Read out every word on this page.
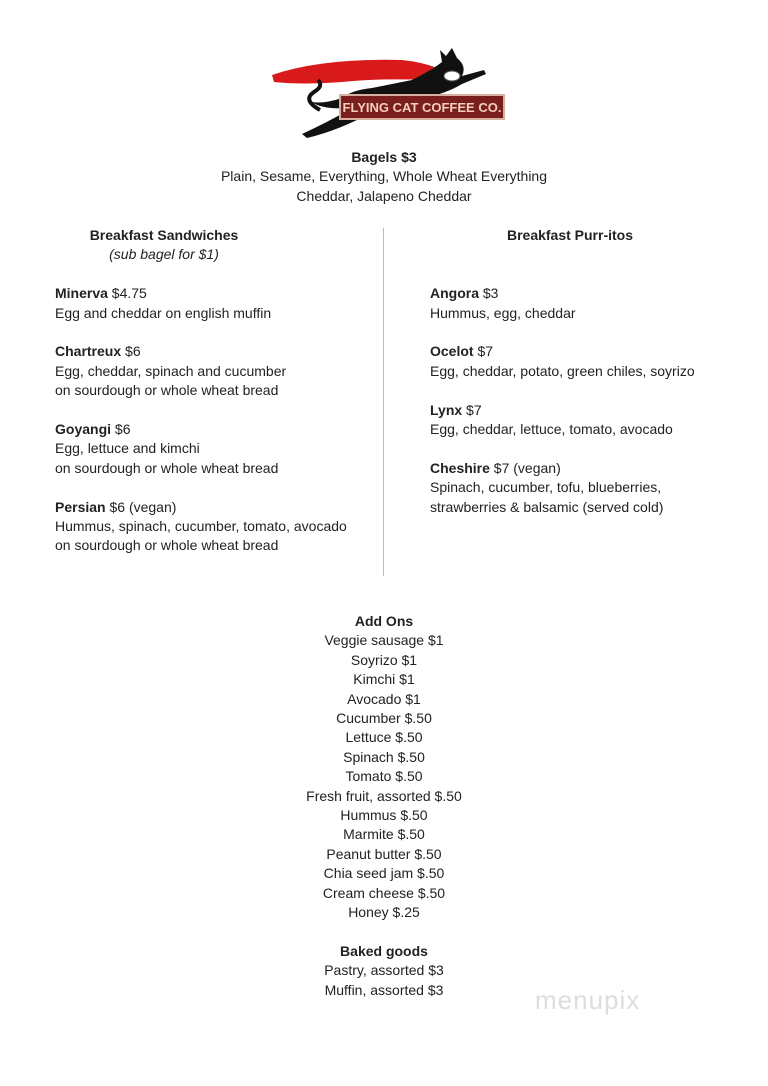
FLYING CAT COFFEE CO.
Bagels $3
Plain, Sesame, Everything, Whole Wheat Everything
Cheddar, Jalapeno Cheddar
Breakfast Sandwiches
(sub bagel for $1)
Minerva $4.75
Egg and cheddar on english muffin
Chartreux $6
Egg, cheddar, spinach and cucumber
on sourdough or whole wheat bread
Goyangi $6
Egg, lettuce and kimchi
on sourdough or whole wheat bread
Persian $6 (vegan)
Hummus, spinach, cucumber, tomato, avocado
on sourdough or whole wheat bread
Breakfast Purr-itos

Angora $3
Hummus, egg, cheddar
Ocelot $7
Egg, cheddar, potato, green chiles, soyrizo
Lynx $7
Egg, cheddar, lettuce, tomato, avocado
Cheshire $7 (vegan)
Spinach, cucumber, tofu, blueberries,
strawberries & balsamic (served cold)
Add Ons
Veggie sausage $1
Soyrizo $1
Kimchi $1
Avocado $1
Cucumber $.50
Lettuce $.50
Spinach $.50
Tomato $.50
Fresh fruit, assorted $.50
Hummus $.50
Marmite $.50
Peanut butter $.50
Chia seed jam $.50
Cream cheese $.50
Honey $.25

Baked goods
Pastry, assorted $3
Muffin, assorted $3	menupix
